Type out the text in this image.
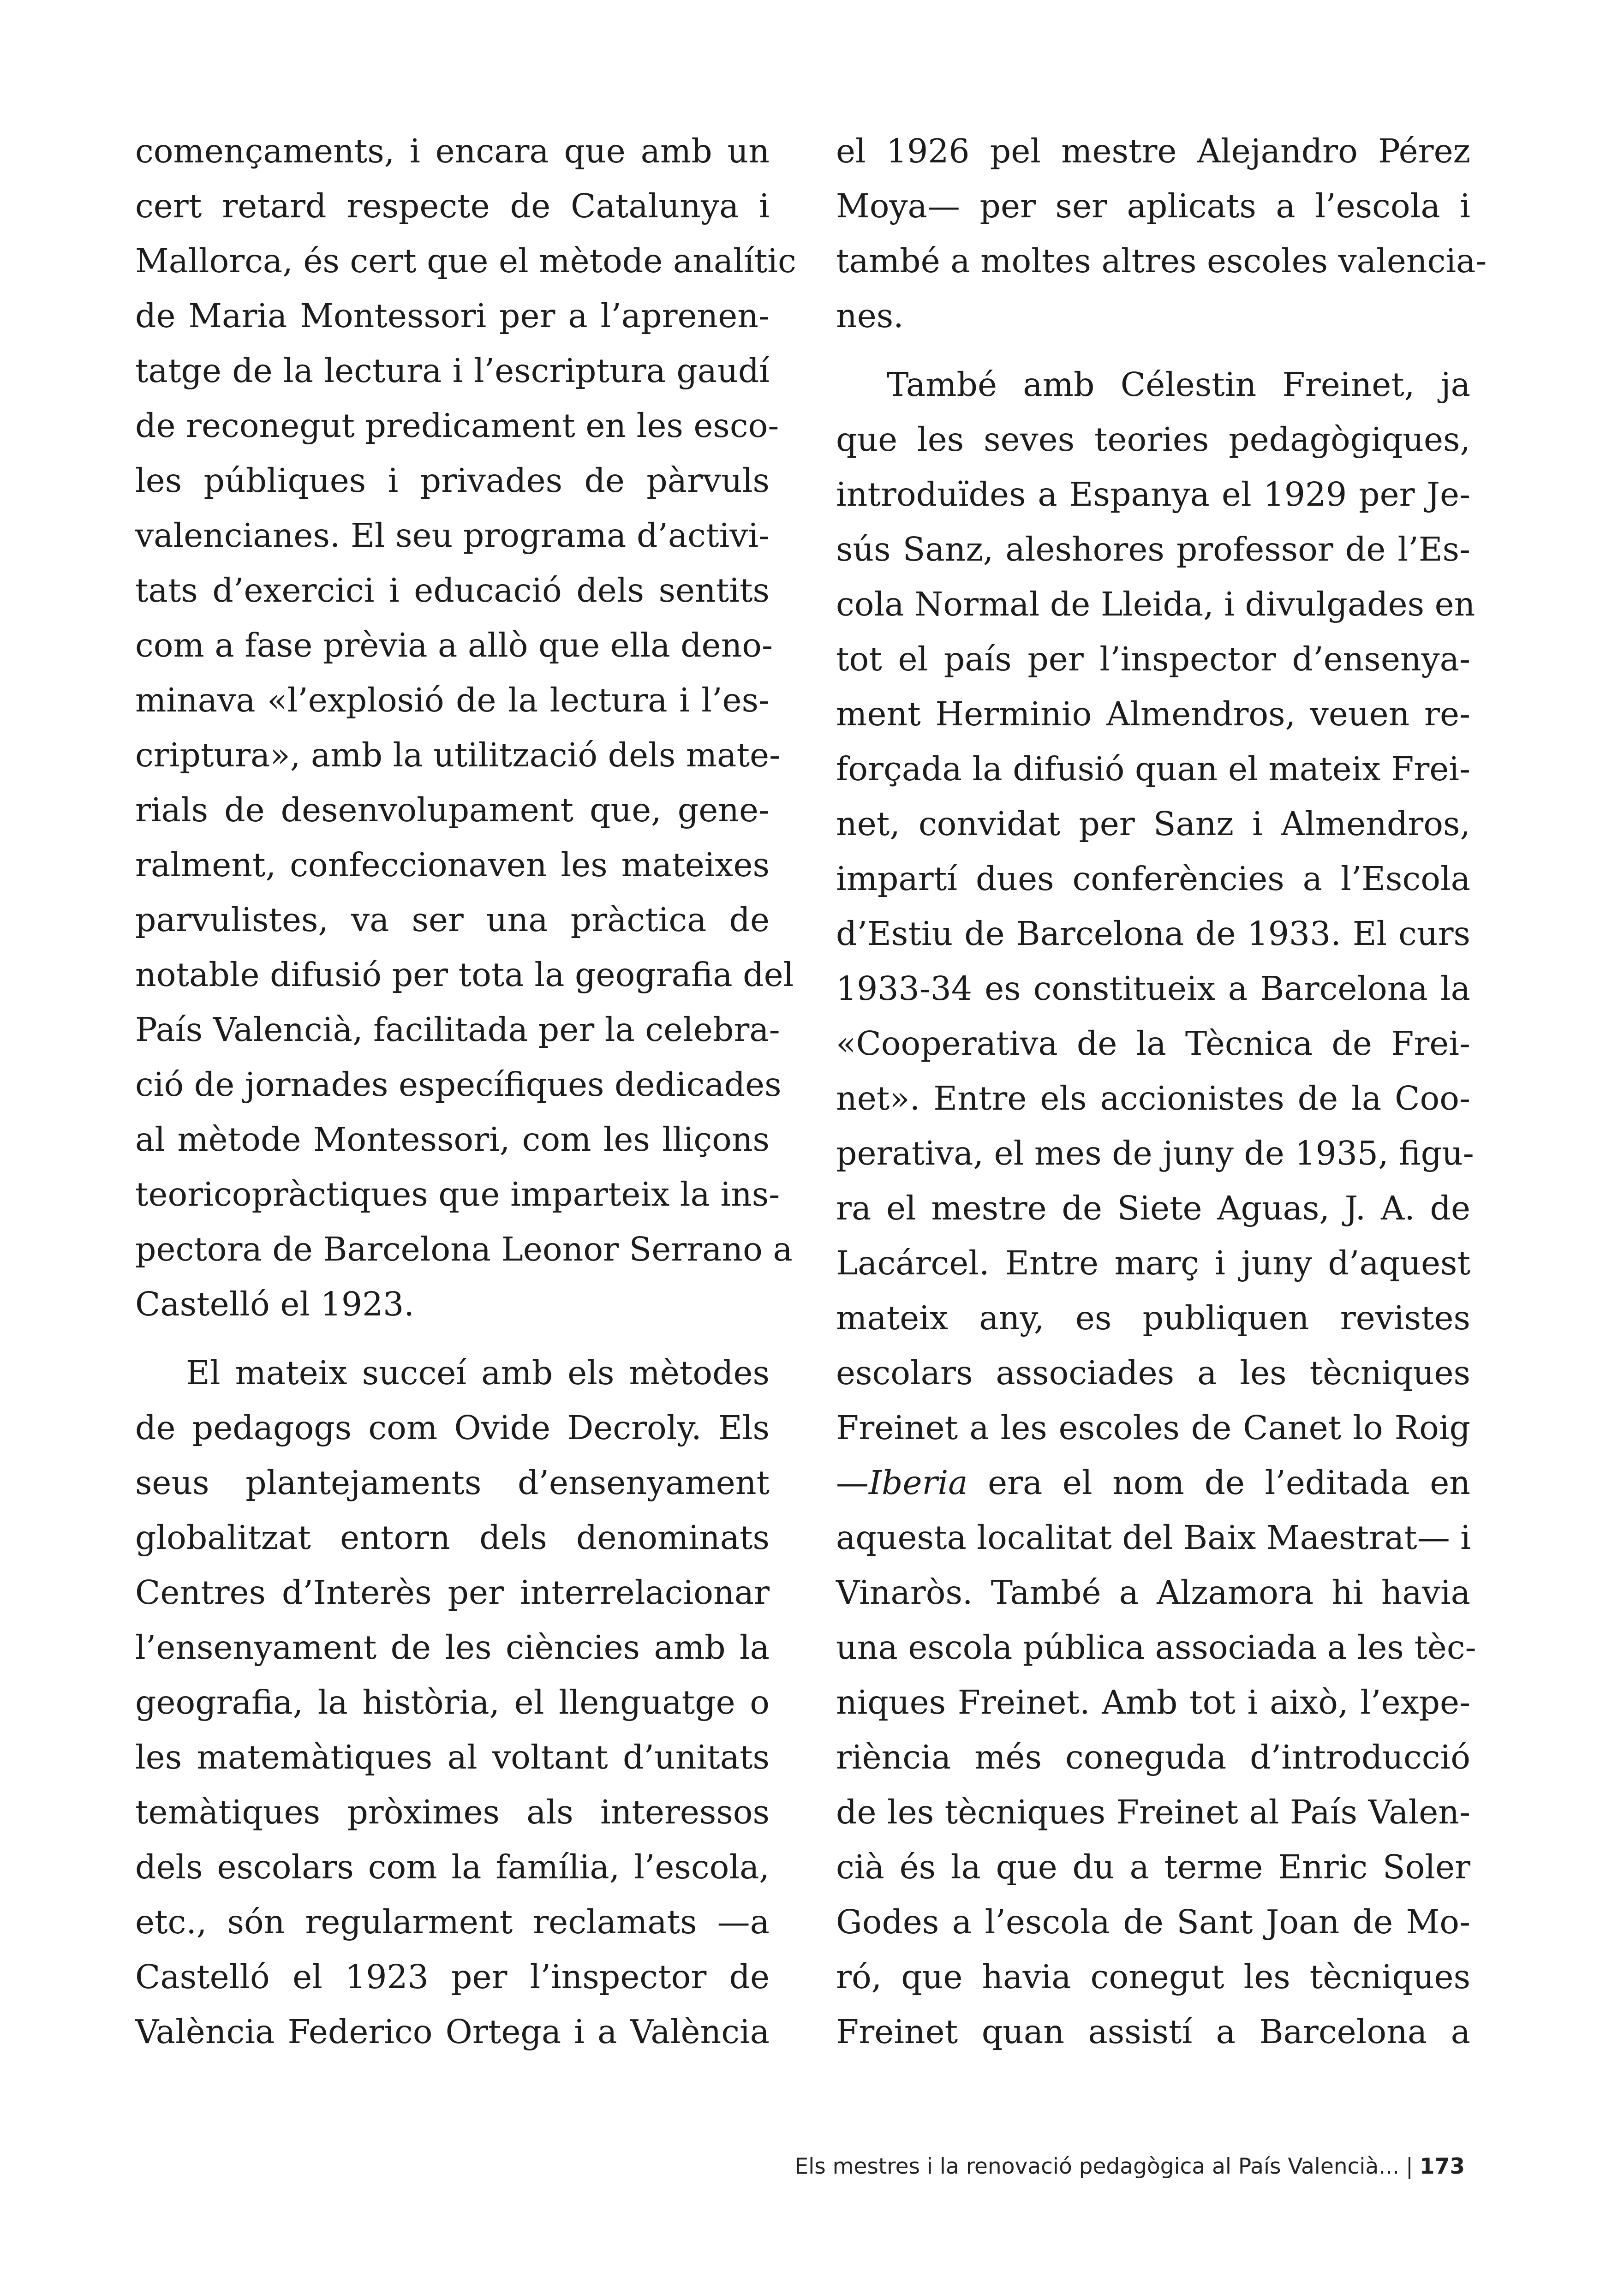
començaments, i encara que amb un
cert retard respecte de Catalunya i
Mallorca, és cert que el mètode analític
de Maria Montessori per a l’aprenen-
tatge de la lectura i l’escriptura gaudí
de reconegut predicament en les esco-
les públiques i privades de pàrvuls
valencianes. El seu programa d’activi-
tats d’exercici i educació dels sentits
com a fase prèvia a allò que ella deno-
minava «l’explosió de la lectura i l’es-
criptura», amb la utilització dels mate-
rials de desenvolupament que, gene-
ralment, confeccionaven les mateixes
parvulistes, va ser una pràctica de
notable difusió per tota la geografia del
País Valencià, facilitada per la celebra-
ció de jornades específiques dedicades
al mètode Montessori, com les lliçons
teoricopràctiques que imparteix la ins-
pectora de Barcelona Leonor Serrano a
Castelló el 1923.
El mateix succeí amb els mètodes
de pedagogs com Ovide Decroly. Els
seus plantejaments d’ensenyament
globalitzat entorn dels denominats
Centres d’Interès per interrelacionar
l’ensenyament de les ciències amb la
geografia, la història, el llenguatge o
les matemàtiques al voltant d’unitats
temàtiques pròximes als interessos
dels escolars com la família, l’escola,
etc., són regularment reclamats —a
Castelló el 1923 per l’inspector de
València Federico Ortega i a València
el 1926 pel mestre Alejandro Pérez
Moya— per ser aplicats a l’escola i
també a moltes altres escoles valencia-
nes.
També amb Célestin Freinet, ja
que les seves teories pedagògiques,
introduïdes a Espanya el 1929 per Je-
sús Sanz, aleshores professor de l’Es-
cola Normal de Lleida, i divulgades en
tot el país per l’inspector d’ensenya-
ment Herminio Almendros, veuen re-
forçada la difusió quan el mateix Frei-
net, convidat per Sanz i Almendros,
impartí dues conferències a l’Escola
d’Estiu de Barcelona de 1933. El curs
1933-34 es constitueix a Barcelona la
«Cooperativa de la Tècnica de Frei-
net». Entre els accionistes de la Coo-
perativa, el mes de juny de 1935, figu-
ra el mestre de Siete Aguas, J. A. de
Lacárcel. Entre març i juny d’aquest
mateix any, es publiquen revistes
escolars associades a les tècniques
Freinet a les escoles de Canet lo Roig
—Iberia era el nom de l’editada en
aquesta localitat del Baix Maestrat— i
Vinaròs. També a Alzamora hi havia
una escola pública associada a les tèc-
niques Freinet. Amb tot i això, l’expe-
riència més coneguda d’introducció
de les tècniques Freinet al País Valen-
cià és la que du a terme Enric Soler
Godes a l’escola de Sant Joan de Mo-
ró, que havia conegut les tècniques
Freinet quan assistí a Barcelona a
Els mestres i la renovació pedagògica al País Valencià... | 173
